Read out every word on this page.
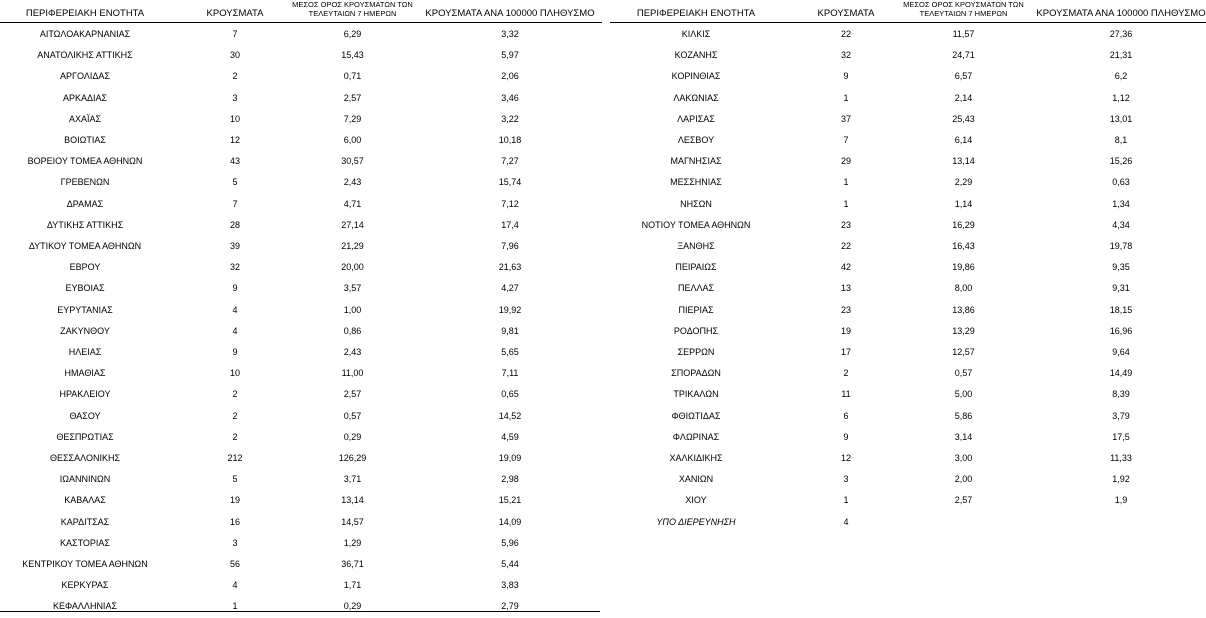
ΠΕΡΙΦΕΡΕΙΑΚΗ ΕΝΟΤΗΤΑ	ΚΡΟΥΣΜΑΤΑ
ΜΕΣΟΣ ΟΡΟΣ ΚΡΟΥΣΜΑΤΩΝ ΤΩΝ
ΤΕΛΕΥΤΑΙΩΝ 7 ΗΜΕΡΩΝ	ΚΡΟΥΣΜΑΤΑ ΑΝΑ 100000 ΠΛΗΘΥΣΜΟ
ΑΙΤΩΛΟΑΚΑΡΝΑΝΙΑΣ	7	6,29	3,32
ΑΝΑΤΟΛΙΚΗΣ ΑΤΤΙΚΗΣ	30	15,43	5,97
ΑΡΓΟΛΙΔΑΣ	2	0,71	2,06
ΑΡΚΑΔΙΑΣ	3	2,57	3,46
ΑΧΑΪΑΣ	10	7,29	3,22
ΒΟΙΩΤΙΑΣ	12	6,00	10,18
ΒΟΡΕΙΟΥ ΤΟΜΕΑ ΑΘΗΝΩΝ	43	30,57	7,27
ΓΡΕΒΕΝΩΝ	5	2,43	15,74
ΔΡΑΜΑΣ	7	4,71	7,12
ΔΥΤΙΚΗΣ ΑΤΤΙΚΗΣ	28	27,14	17,4
ΔΥΤΙΚΟΥ ΤΟΜΕΑ ΑΘΗΝΩΝ	39	21,29	7,96
ΕΒΡΟΥ	32	20,00	21,63
ΕΥΒΟΙΑΣ	9	3,57	4,27
ΕΥΡΥΤΑΝΙΑΣ	4	1,00	19,92
ΖΑΚΥΝΘΟΥ	4	0,86	9,81
ΗΛΕΙΑΣ	9	2,43	5,65
ΗΜΑΘΙΑΣ	10	11,00	7,11
ΗΡΑΚΛΕΙΟΥ	2	2,57	0,65
ΘΑΣΟΥ	2	0,57	14,52
ΘΕΣΠΡΩΤΙΑΣ	2	0,29	4,59
ΘΕΣΣΑΛΟΝΙΚΗΣ	212	126,29	19,09
ΙΩΑΝΝΙΝΩΝ	5	3,71	2,98
ΚΑΒΑΛΑΣ	19	13,14	15,21
ΚΑΡΔΙΤΣΑΣ	16	14,57	14,09
ΚΑΣΤΟΡΙΑΣ	3	1,29	5,96
ΚΕΝΤΡΙΚΟΥ ΤΟΜΕΑ ΑΘΗΝΩΝ	56	36,71	5,44
ΚΕΡΚΥΡΑΣ	4	1,71	3,83
ΚΕΦΑΛΛΗΝΙΑΣ	1	0,29	2,79
ΠΕΡΙΦΕΡΕΙΑΚΗ ΕΝΟΤΗΤΑ	ΚΡΟΥΣΜΑΤΑ
ΜΕΣΟΣ ΟΡΟΣ ΚΡΟΥΣΜΑΤΩΝ ΤΩΝ
ΤΕΛΕΥΤΑΙΩΝ 7 ΗΜΕΡΩΝ	ΚΡΟΥΣΜΑΤΑ ΑΝΑ 100000 ΠΛΗΘΥΣΜΟ
ΚΙΛΚΙΣ	22	11,57	27,36
ΚΟΖΑΝΗΣ	32	24,71	21,31
ΚΟΡΙΝΘΙΑΣ	9	6,57	6,2
ΛΑΚΩΝΙΑΣ	1	2,14	1,12
ΛΑΡΙΣΑΣ	37	25,43	13,01
ΛΕΣΒΟΥ	7	6,14	8,1
ΜΑΓΝΗΣΙΑΣ	29	13,14	15,26
ΜΕΣΣΗΝΙΑΣ	1	2,29	0,63
ΝΗΣΩΝ	1	1,14	1,34
ΝΟΤΙΟΥ ΤΟΜΕΑ ΑΘΗΝΩΝ	23	16,29	4,34
ΞΑΝΘΗΣ	22	16,43	19,78
ΠΕΙΡΑΙΩΣ	42	19,86	9,35
ΠΕΛΛΑΣ	13	8,00	9,31
ΠΙΕΡΙΑΣ	23	13,86	18,15
ΡΟΔΟΠΗΣ	19	13,29	16,96
ΣΕΡΡΩΝ	17	12,57	9,64
ΣΠΟΡΑΔΩΝ	2	0,57	14,49
ΤΡΙΚΑΛΩΝ	11	5,00	8,39
ΦΘΙΩΤΙΔΑΣ	6	5,86	3,79
ΦΛΩΡΙΝΑΣ	9	3,14	17,5
ΧΑΛΚΙΔΙΚΗΣ	12	3,00	11,33
ΧΑΝΙΩΝ	3	2,00	1,92
ΧΙΟΥ	1	2,57	1,9
ΥΠΟ ΔΙΕΡΕΥΝΗΣΗ	4
